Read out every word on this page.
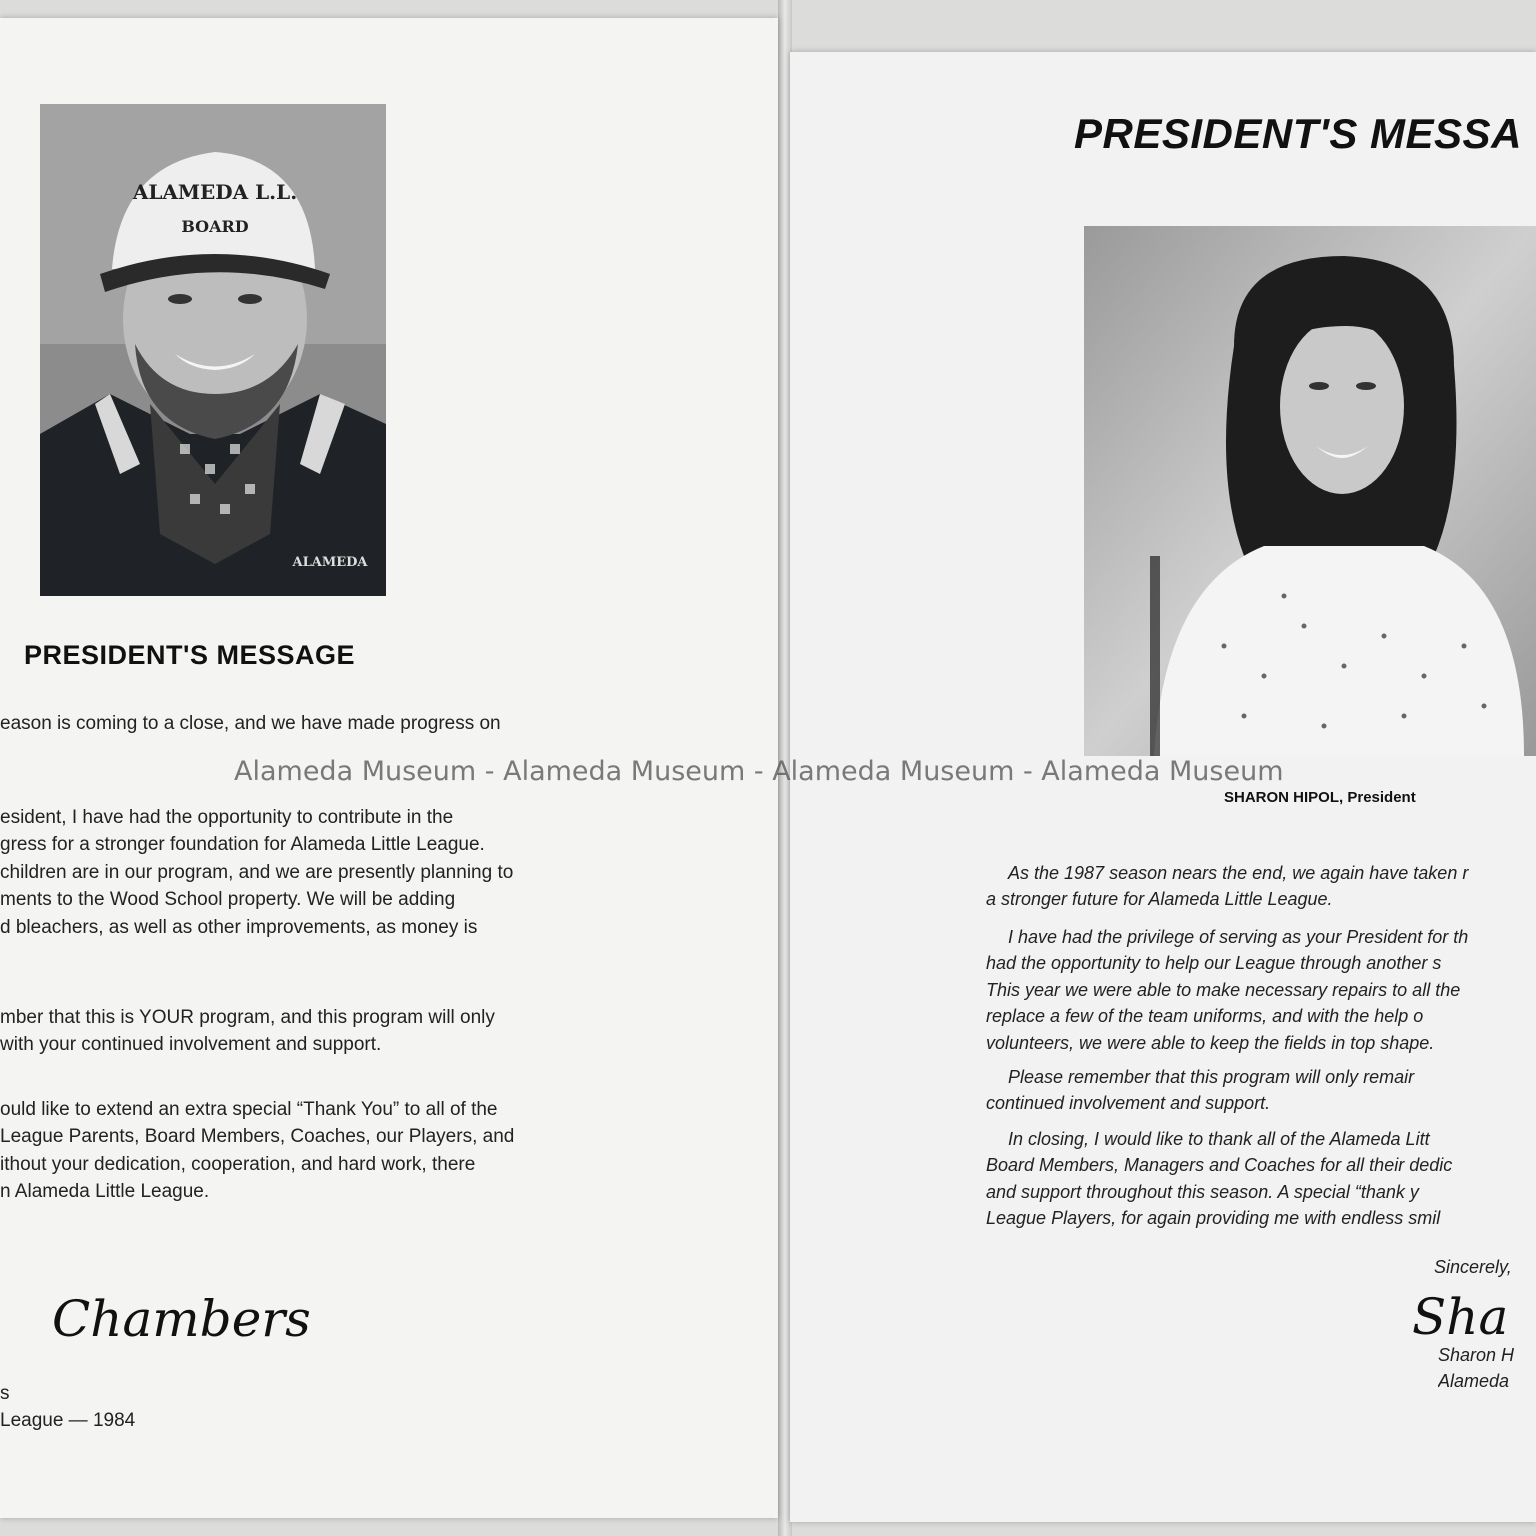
ALAMEDA L.L.
BOARD
ALAMEDA
PRESIDENT'S MESSAGE
eason is coming to a close, and we have made progress on
esident, I have had the opportunity to contribute in the
gress for a stronger foundation for Alameda Little League.
children are in our program, and we are presently planning to
ments to the Wood School property. We will be adding
d bleachers, as well as other improvements, as money is
mber that this is YOUR program, and this program will only
with your continued involvement and support.
ould like to extend an extra special “Thank You” to all of the
League Parents, Board Members, Coaches, our Players, and
ithout your dedication, cooperation, and hard work, there
n Alameda Little League.
Chambers
s
League — 1984
PRESIDENT'S MESSA
SHARON HIPOL, President
As the 1987 season nears the end, we again have taken r
a stronger future for Alameda Little League.
I have had the privilege of serving as your President for th
had the opportunity to help our League through another s
This year we were able to make necessary repairs to all the
replace a few of the team uniforms, and with the help o
volunteers, we were able to keep the fields in top shape.
Please remember that this program will only remair
continued involvement and support.
In closing, I would like to thank all of the Alameda Litt
Board Members, Managers and Coaches for all their dedic
and support throughout this season. A special “thank y
League Players, for again providing me with endless smil
Sincerely,
Sha
Sharon H
Alameda
Alameda Museum - Alameda Museum - Alameda Museum - Alameda Museum
